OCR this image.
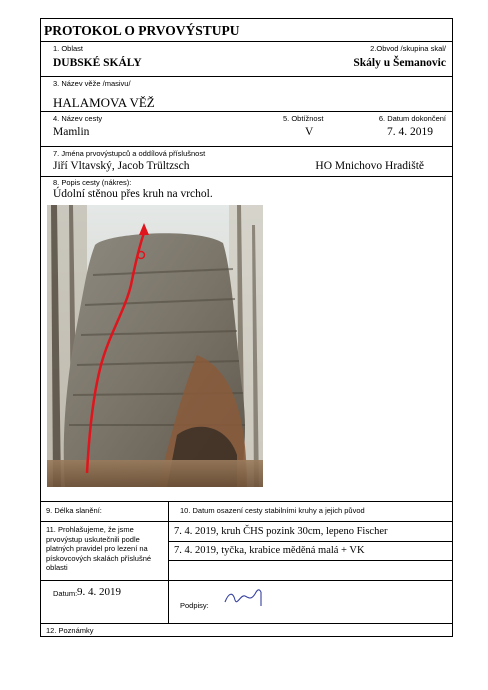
PROTOKOL O PRVOVÝSTUPU
1. Oblast
DUBSKÉ SKÁLY
2.Obvod /skupina skal/
Skály u Šemanovic
3. Název věže /masivu/
HALAMOVA VĚŽ
4. Název cesty
Mamlin
5. Obtížnost
V
6. Datum dokončení
7. 4. 2019
7. Jména prvovýstupců a oddílová příslušnost
Jiří Vltavský, Jacob Trültzsch	HO Mnichovo Hradiště
8. Popis cesty (nákres):
Údolní stěnou přes kruh na vrchol.
9. Délka slanění:	10. Datum osazení cesty stabilními kruhy a jejich původ
11. Prohlašujeme, že jsme prvovýstup uskutečnili podle platných pravidel pro lezení na pískovcových skalách příslušné oblasti
7. 4. 2019, kruh ČHS pozink 30cm, lepeno Fischer
7. 4. 2019, tyčka, krabice měděná malá + VK
Datum: 9. 4. 2019
Podpisy:
12. Poznámky
